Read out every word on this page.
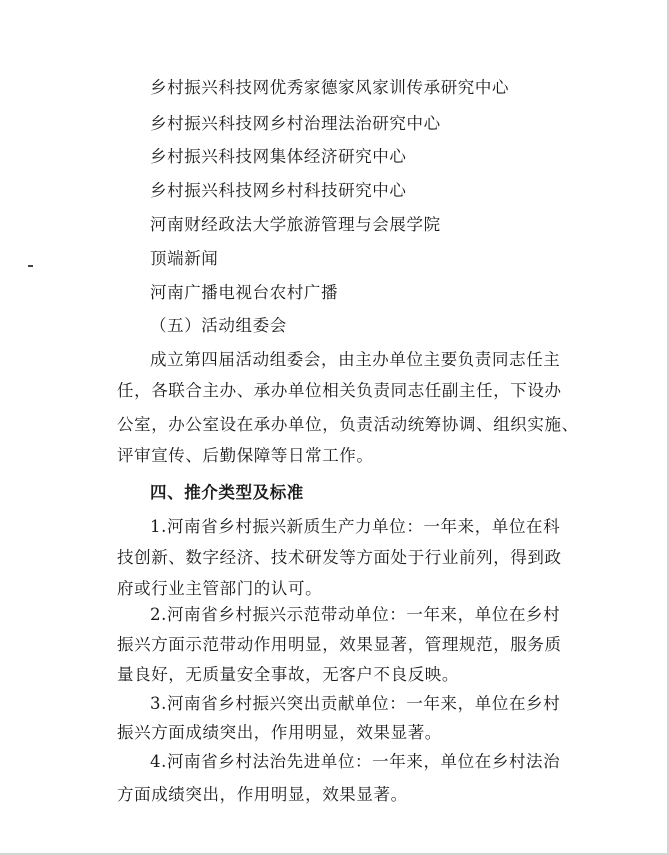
乡村振兴科技网优秀家德家风家训传承研究中心
乡村振兴科技网乡村治理法治研究中心
乡村振兴科技网集体经济研究中心
乡村振兴科技网乡村科技研究中心
河南财经政法大学旅游管理与会展学院
顶端新闻
河南广播电视台农村广播
（五）活动组委会
成立第四届活动组委会，由主办单位主要负责同志任主
任，各联合主办、承办单位相关负责同志任副主任，下设办
公室，办公室设在承办单位，负责活动统筹协调、组织实施、
评审宣传、后勤保障等日常工作。
四、推介类型及标准
1.河南省乡村振兴新质生产力单位：一年来，单位在科
技创新、数字经济、技术研发等方面处于行业前列，得到政
府或行业主管部门的认可。
2.河南省乡村振兴示范带动单位：一年来，单位在乡村
振兴方面示范带动作用明显，效果显著，管理规范，服务质
量良好，无质量安全事故，无客户不良反映。
3.河南省乡村振兴突出贡献单位：一年来，单位在乡村
振兴方面成绩突出，作用明显，效果显著。
4.河南省乡村法治先进单位：一年来，单位在乡村法治
方面成绩突出，作用明显，效果显著。
